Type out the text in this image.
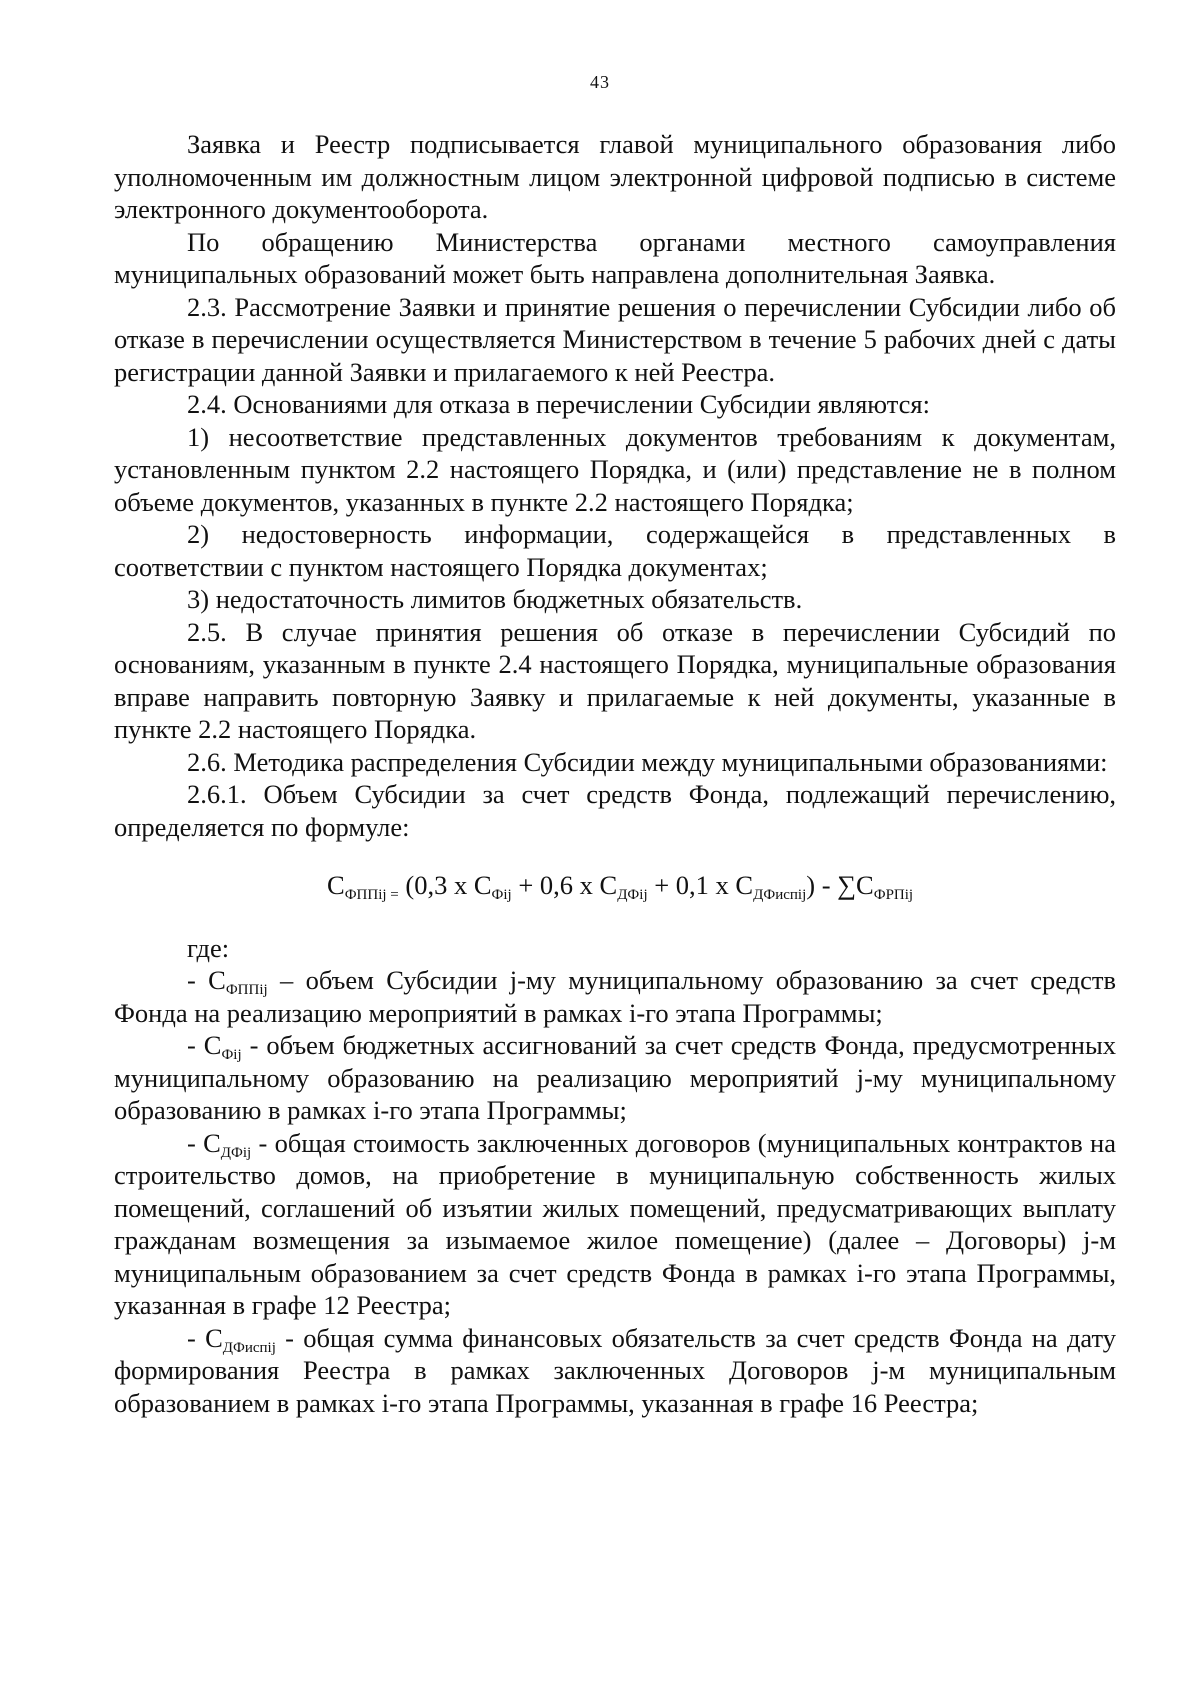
43

Заявка и Реестр подписывается главой муниципального образования либо уполномоченным им должностным лицом электронной цифровой подписью в системе электронного документооборота.

По обращению Министерства органами местного самоуправления муниципальных образований может быть направлена дополнительная Заявка.

2.3. Рассмотрение Заявки и принятие решения о перечислении Субсидии либо об отказе в перечислении осуществляется Министерством в течение 5 рабочих дней с даты регистрации данной Заявки и прилагаемого к ней Реестра.

2.4. Основаниями для отказа в перечислении Субсидии являются:

1) несоответствие представленных документов требованиям к документам, установленным пунктом 2.2 настоящего Порядка, и (или) представление не в полном объеме документов, указанных в пункте 2.2 настоящего Порядка;

2) недостоверность информации, содержащейся в представленных в соответствии с пунктом настоящего Порядка документах;

3) недостаточность лимитов бюджетных обязательств.

2.5. В случае принятия решения об отказе в перечислении Субсидий по основаниям, указанным в пункте 2.4 настоящего Порядка, муниципальные образования вправе направить повторную Заявку и прилагаемые к ней документы, указанные в пункте 2.2 настоящего Порядка.

2.6. Методика распределения Субсидии между муниципальными образованиями:

2.6.1. Объем Субсидии за счет средств Фонда, подлежащий перечислению, определяется по формуле:

$С_{ФППij =}$ (0,3 х $С_{Фij} + 0,6$ х $С_{ДФij} + 0,1$ х $С_{ДФиспij}) - \sum С_{ФРПij}$

где:

- $С_{ФППij}$ – объем Субсидии j-му муниципальному образованию за счет средств Фонда на реализацию мероприятий в рамках i-го этапа Программы;

- $С_{Фij}$ - объем бюджетных ассигнований за счет средств Фонда, предусмотренных муниципальному образованию на реализацию мероприятий j-му муниципальному образованию в рамках i-го этапа Программы;

- $С_{ДФij}$ - общая стоимость заключенных договоров (муниципальных контрактов на строительство домов, на приобретение в муниципальную собственность жилых помещений, соглашений об изъятии жилых помещений, предусматривающих выплату гражданам возмещения за изымаемое жилое помещение) (далее – Договоры) j-м муниципальным образованием за счет средств Фонда в рамках i-го этапа Программы, указанная в графе 12 Реестра;

- $С_{ДФиспij}$ - общая сумма финансовых обязательств за счет средств Фонда на дату формирования Реестра в рамках заключенных Договоров j-м муниципальным образованием в рамках i-го этапа Программы, указанная в графе 16 Реестра;
